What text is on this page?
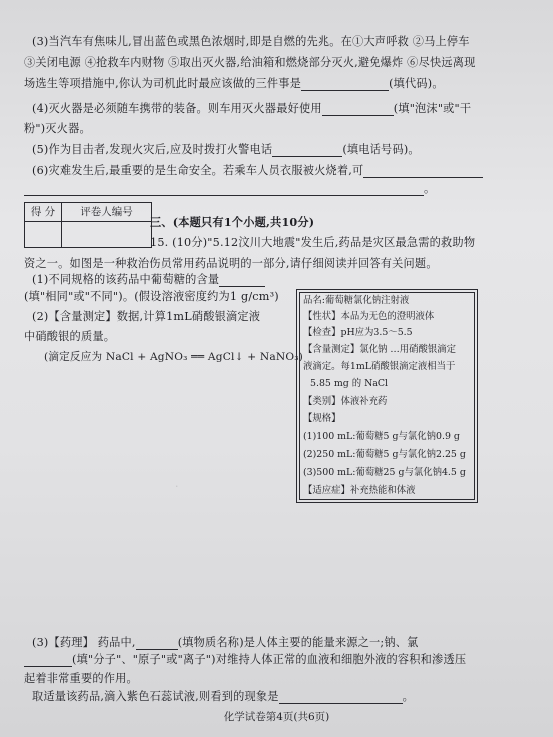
(3)当汽车有焦味儿,冒出蓝色或黑色浓烟时,即是自燃的先兆。在①大声呼救 ②马上停车
③关闭电源 ④抢救车内财物 ⑤取出灭火器,给油箱和燃烧部分灭火,避免爆炸 ⑥尽快远离现
场选生等项措施中,你认为司机此时最应该做的三件事是	(填代码)。
(4)灭火器是必须随车携带的装备。则车用灭火器最好使用	(填"泡沫"或"干
粉")灭火器。
(5)作为目击者,发现火灾后,应及时拨打火警电话	(填电话号码)。
(6)灾难发生后,最重要的是生命安全。若乘车人员衣服被火烧着,可
。
得 分	评卷人编号
三、(本题只有1个小题,共10分)
15. (10分)"5.12汶川大地震"发生后,药品是灾区最急需的救助物
资之一。如图是一种救治伤员常用药品说明的一部分,请仔细阅读并回答有关问题。
(1)不同规格的该药品中葡萄糖的含量
(填"相同"或"不同")。(假设溶液密度约为1 g/cm³)
(2)【含量测定】数据,计算1mL硝酸银滴定液
中硝酸银的质量。
(滴定反应为 NaCl + AgNO₃ ══ AgCl↓ + NaNO₃)
品名:葡萄糖氯化钠注射液
【性状】本品为无色的澄明液体
【检查】pH应为3.5～5.5
【含量测定】氯化钠 …用硝酸银滴定
液滴定。每1mL硝酸银滴定液相当于
5.85 mg 的 NaCl
【类别】体液补充药
【规格】
(1)100 mL:葡萄糖5 g与氯化钠0.9 g
(2)250 mL:葡萄糖5 g与氯化钠2.25 g
(3)500 mL:葡萄糖25 g与氯化钠4.5 g
【适应症】补充热能和体液
·
(3)【药理】 药品中,	(填物质名称)是人体主要的能量来源之一;钠、氯
(填"分子"、"原子"或"离子")对维持人体正常的血液和细胞外液的容积和渗透压
起着非常重要的作用。
取适量该药品,滴入紫色石蕊试液,则看到的现象是	。
化学试卷第4页(共6页)
